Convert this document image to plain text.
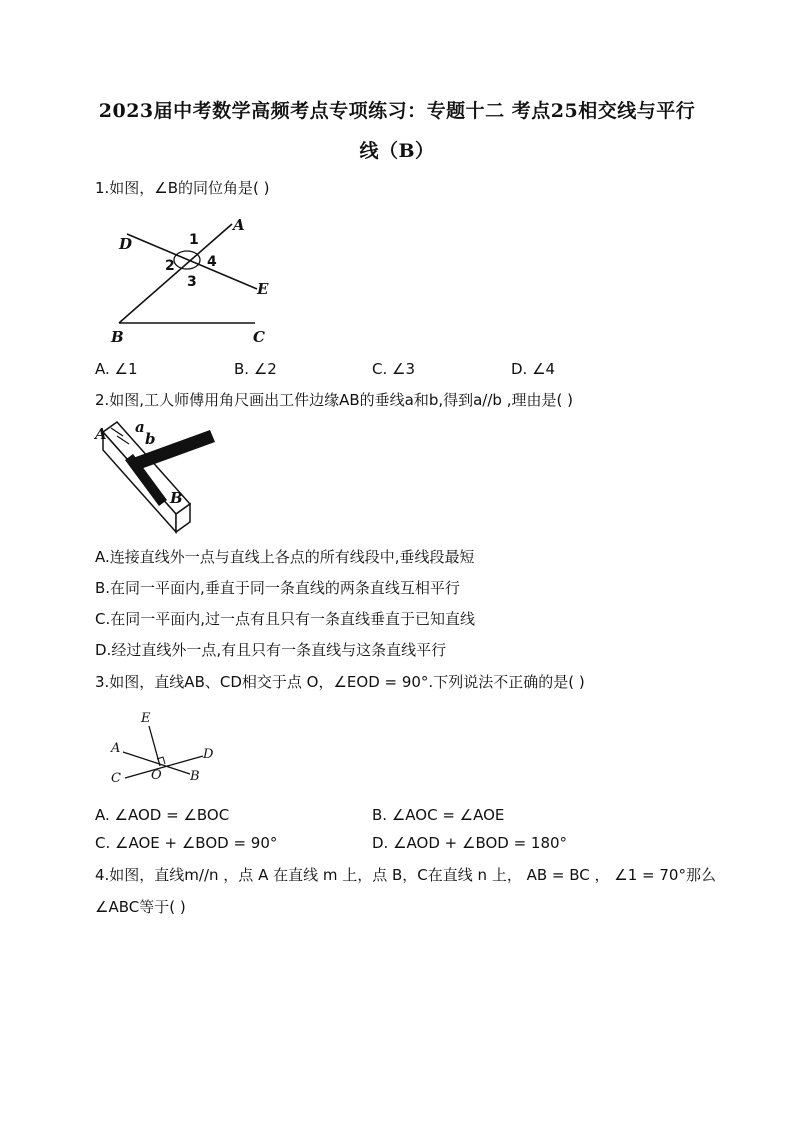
2023届中考数学高频考点专项练习：专题十二 考点25相交线与平行
线（B）
1.如图，∠B的同位角是( )
A
D
E
B	C
1
2
3
4
A. ∠1	B. ∠2	C. ∠3	D. ∠4
2.如图,工人师傅用角尺画出工件边缘AB的垂线a和b,得到a//b ,理由是( )
A a
b
B
A.连接直线外一点与直线上各点的所有线段中,垂线段最短
B.在同一平面内,垂直于同一条直线的两条直线互相平行
C.在同一平面内,过一点有且只有一条直线垂直于已知直线
D.经过直线外一点,有且只有一条直线与这条直线平行
3.如图，直线AB、CD相交于点 O，∠EOD = 90°.下列说法不正确的是( )
E
A	D
C O B
A. ∠AOD = ∠BOC	B. ∠AOC = ∠AOE
C. ∠AOE + ∠BOD = 90°	D. ∠AOD + ∠BOD = 180°
4.如图，直线m//n ，点 A 在直线 m 上，点 B，C在直线 n 上， AB = BC ， ∠1 = 70°那么
∠ABC等于( )
